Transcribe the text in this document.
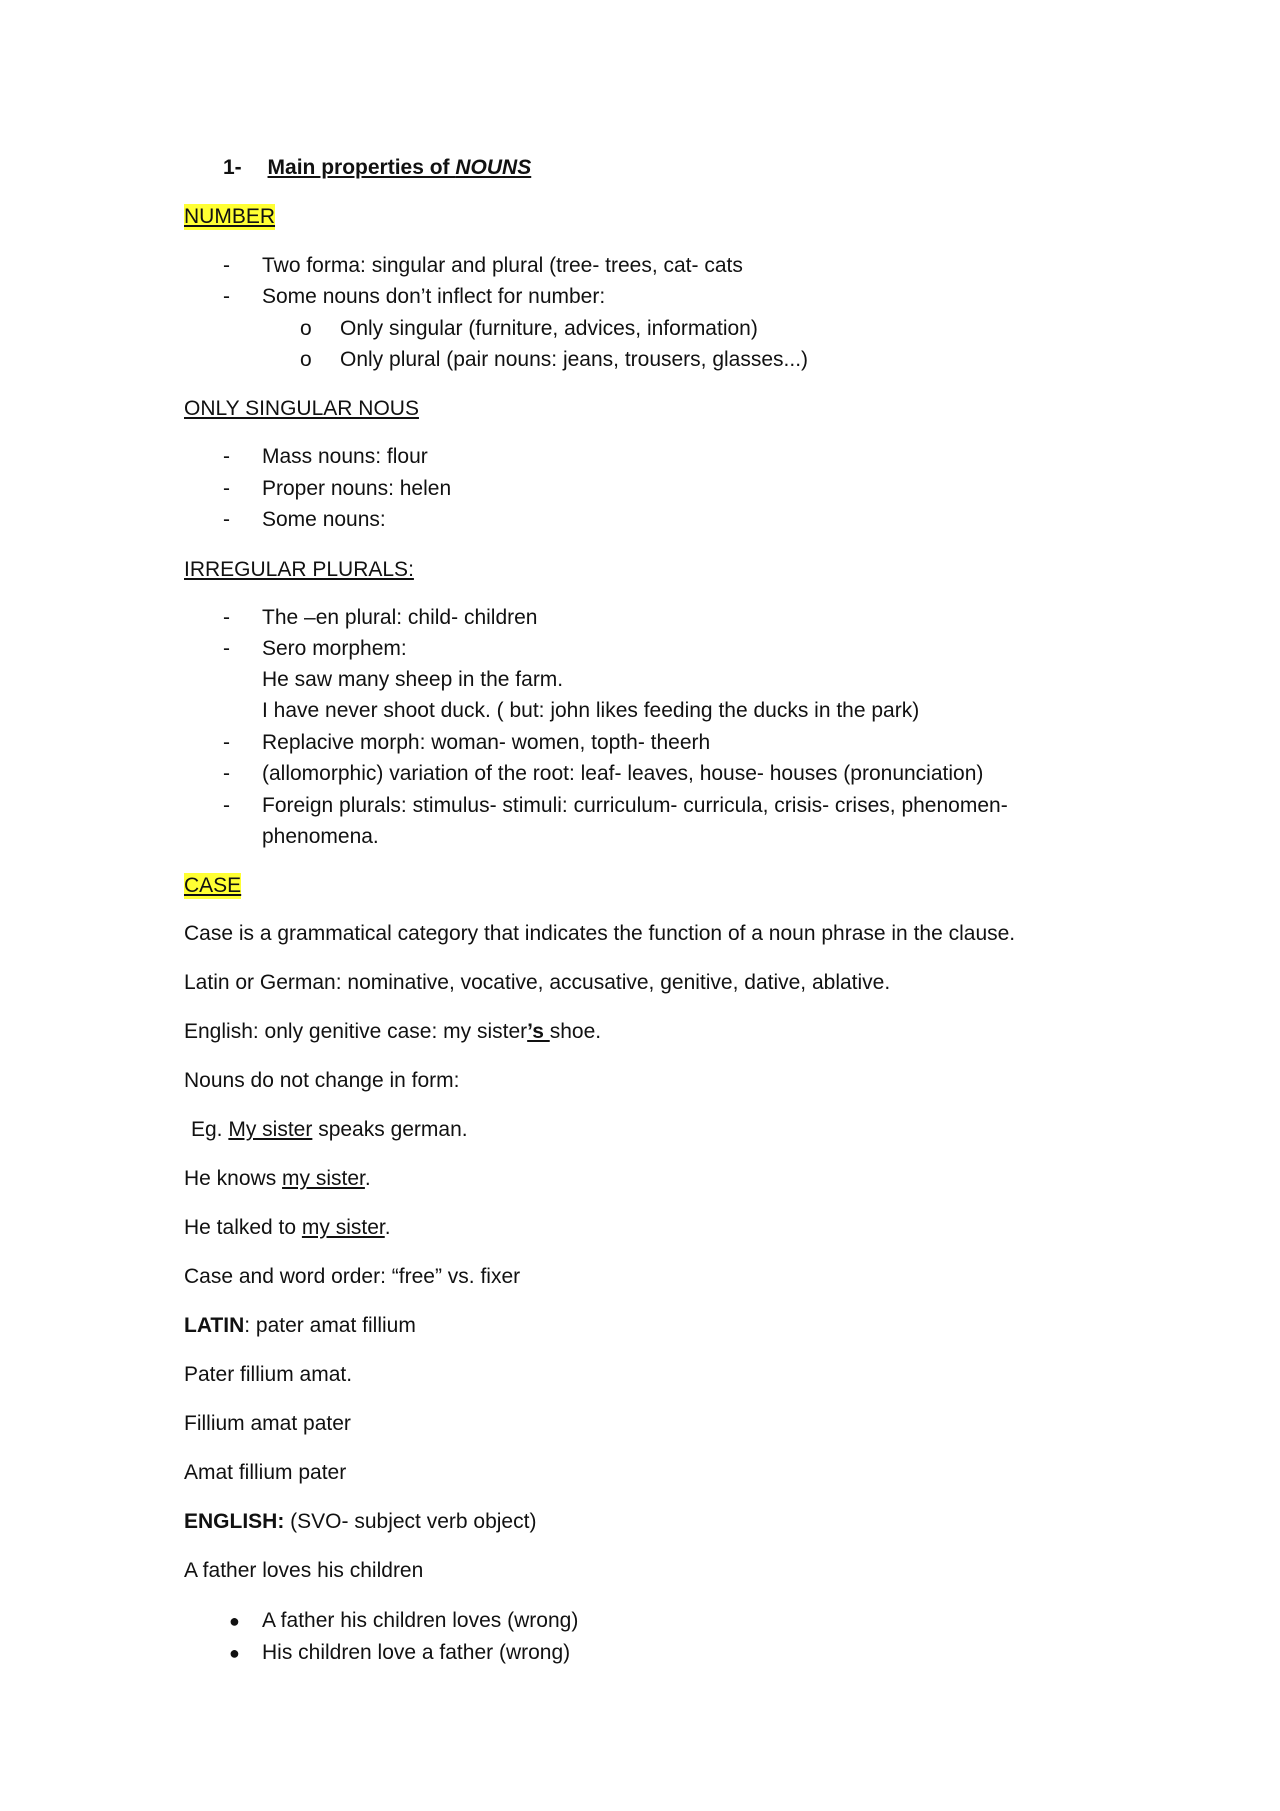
1- Main properties of NOUNS
NUMBER
- Two forma: singular and plural (tree- trees, cat- cats
- Some nouns don’t inflect for number:
o Only singular (furniture, advices, information)
o Only plural (pair nouns: jeans, trousers, glasses...)
ONLY SINGULAR NOUS
- Mass nouns: flour
- Proper nouns: helen
- Some nouns:
IRREGULAR PLURALS:
- The –en plural: child- children
- Sero morphem:
He saw many sheep in the farm.
I have never shoot duck. ( but: john likes feeding the ducks in the park)
- Replacive morph: woman- women, topth- theerh
- (allomorphic) variation of the root: leaf- leaves, house- houses (pronunciation)
- Foreign plurals: stimulus- stimuli: curriculum- curricula, crisis- crises, phenomen-
phenomena.
CASE
Case is a grammatical category that indicates the function of a noun phrase in the clause.
Latin or German: nominative, vocative, accusative, genitive, dative, ablative.
English: only genitive case: my sister’s shoe.
Nouns do not change in form:
Eg. My sister speaks german.
He knows my sister.
He talked to my sister.
Case and word order: “free” vs. fixer
LATIN: pater amat fillium
Pater fillium amat.
Fillium amat pater
Amat fillium pater
ENGLISH: (SVO- subject verb object)
A father loves his children
● A father his children loves (wrong)
● His children love a father (wrong)
